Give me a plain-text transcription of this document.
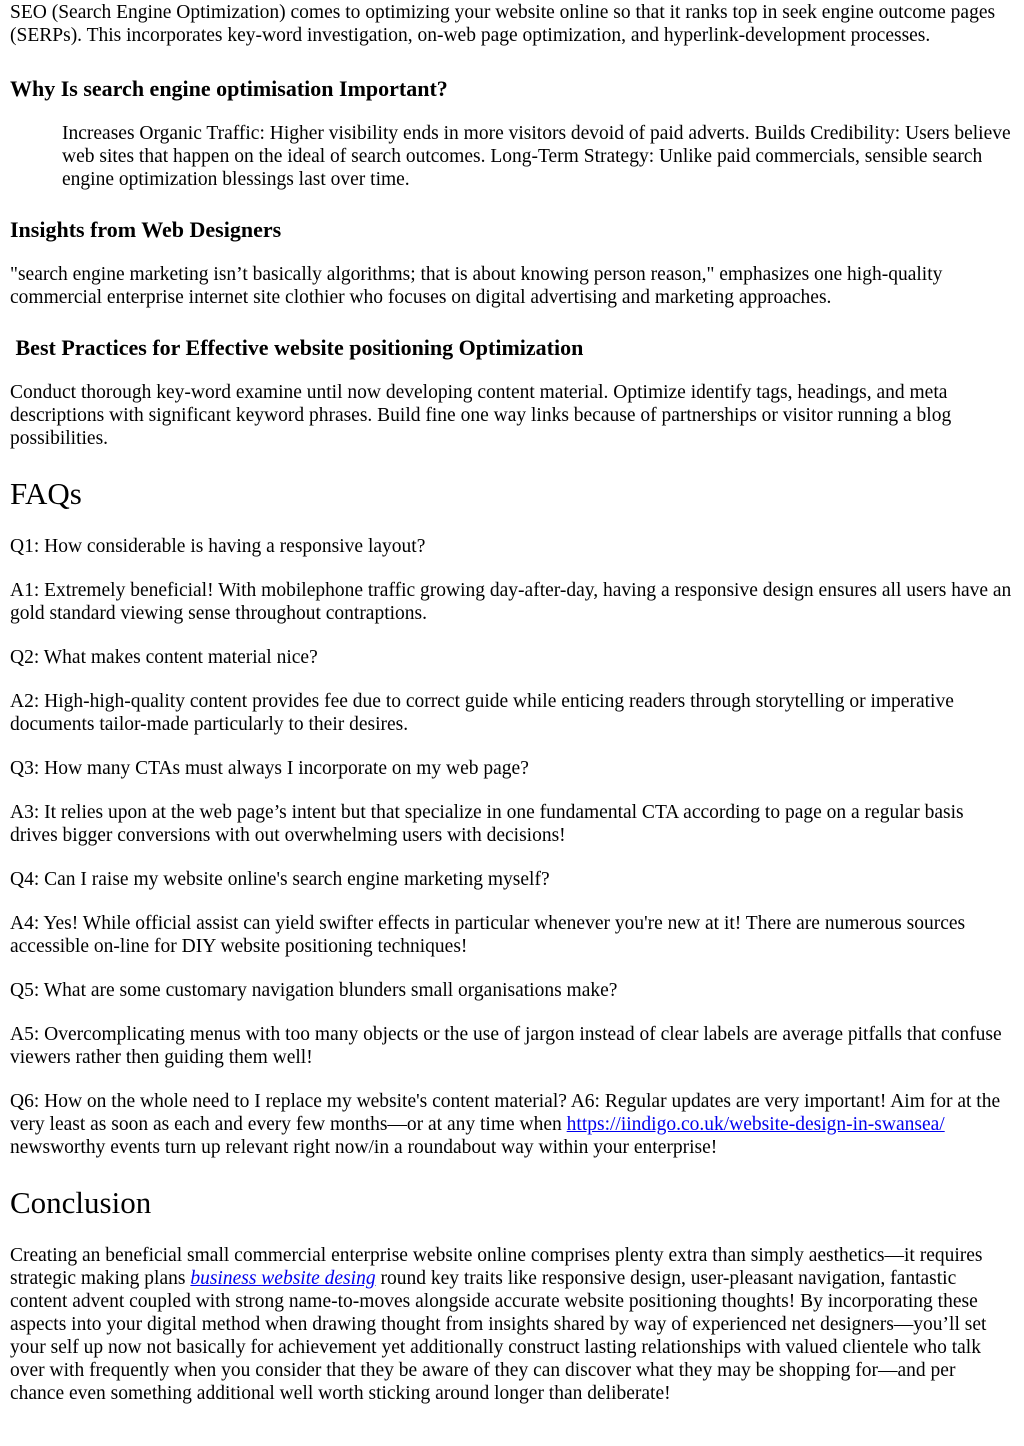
SEO (Search Engine Optimization) comes to optimizing your website online so that it ranks top in seek engine outcome pages (SERPs). This incorporates key-word investigation, on-web page optimization, and hyperlink-development processes.

Why Is search engine optimisation Important?
Increases Organic Traffic: Higher visibility ends in more visitors devoid of paid adverts. Builds Credibility: Users believe web sites that happen on the ideal of search outcomes. Long-Term Strategy: Unlike paid commercials, sensible search engine optimization blessings last over time.
Insights from Web Designers

"search engine marketing isn’t basically algorithms; that is about knowing person reason," emphasizes one high-quality commercial enterprise internet site clothier who focuses on digital advertising and marketing approaches.

Best Practices for Effective website positioning Optimization

Conduct thorough key-word examine until now developing content material. Optimize identify tags, headings, and meta descriptions with significant keyword phrases. Build fine one way links because of partnerships or visitor running a blog possibilities.

FAQs

Q1: How considerable is having a responsive layout?

A1: Extremely beneficial! With mobilephone traffic growing day-after-day, having a responsive design ensures all users have an gold standard viewing sense throughout contraptions.

Q2: What makes content material nice?

A2: High-high-quality content provides fee due to correct guide while enticing readers through storytelling or imperative documents tailor-made particularly to their desires.

Q3: How many CTAs must always I incorporate on my web page?

A3: It relies upon at the web page’s intent but that specialize in one fundamental CTA according to page on a regular basis drives bigger conversions with out overwhelming users with decisions!

Q4: Can I raise my website online's search engine marketing myself?

A4: Yes! While official assist can yield swifter effects in particular whenever you're new at it! There are numerous sources accessible on-line for DIY website positioning techniques!

Q5: What are some customary navigation blunders small organisations make?

A5: Overcomplicating menus with too many objects or the use of jargon instead of clear labels are average pitfalls that confuse viewers rather then guiding them well!

Q6: How on the whole need to I replace my website's content material? A6: Regular updates are very important! Aim for at the very least as soon as each and every few months—or at any time when https://iindigo.co.uk/website-design-in-swansea/ newsworthy events turn up relevant right now/in a roundabout way within your enterprise!

Conclusion

Creating an beneficial small commercial enterprise website online comprises plenty extra than simply aesthetics—it requires strategic making plans business website desing round key traits like responsive design, user-pleasant navigation, fantastic content advent coupled with strong name-to-moves alongside accurate website positioning thoughts! By incorporating these aspects into your digital method when drawing thought from insights shared by way of experienced net designers—you’ll set your self up now not basically for achievement yet additionally construct lasting relationships with valued clientele who talk over with frequently when you consider that they be aware of they can discover what they may be shopping for—and per chance even something additional well worth sticking around longer than deliberate!
